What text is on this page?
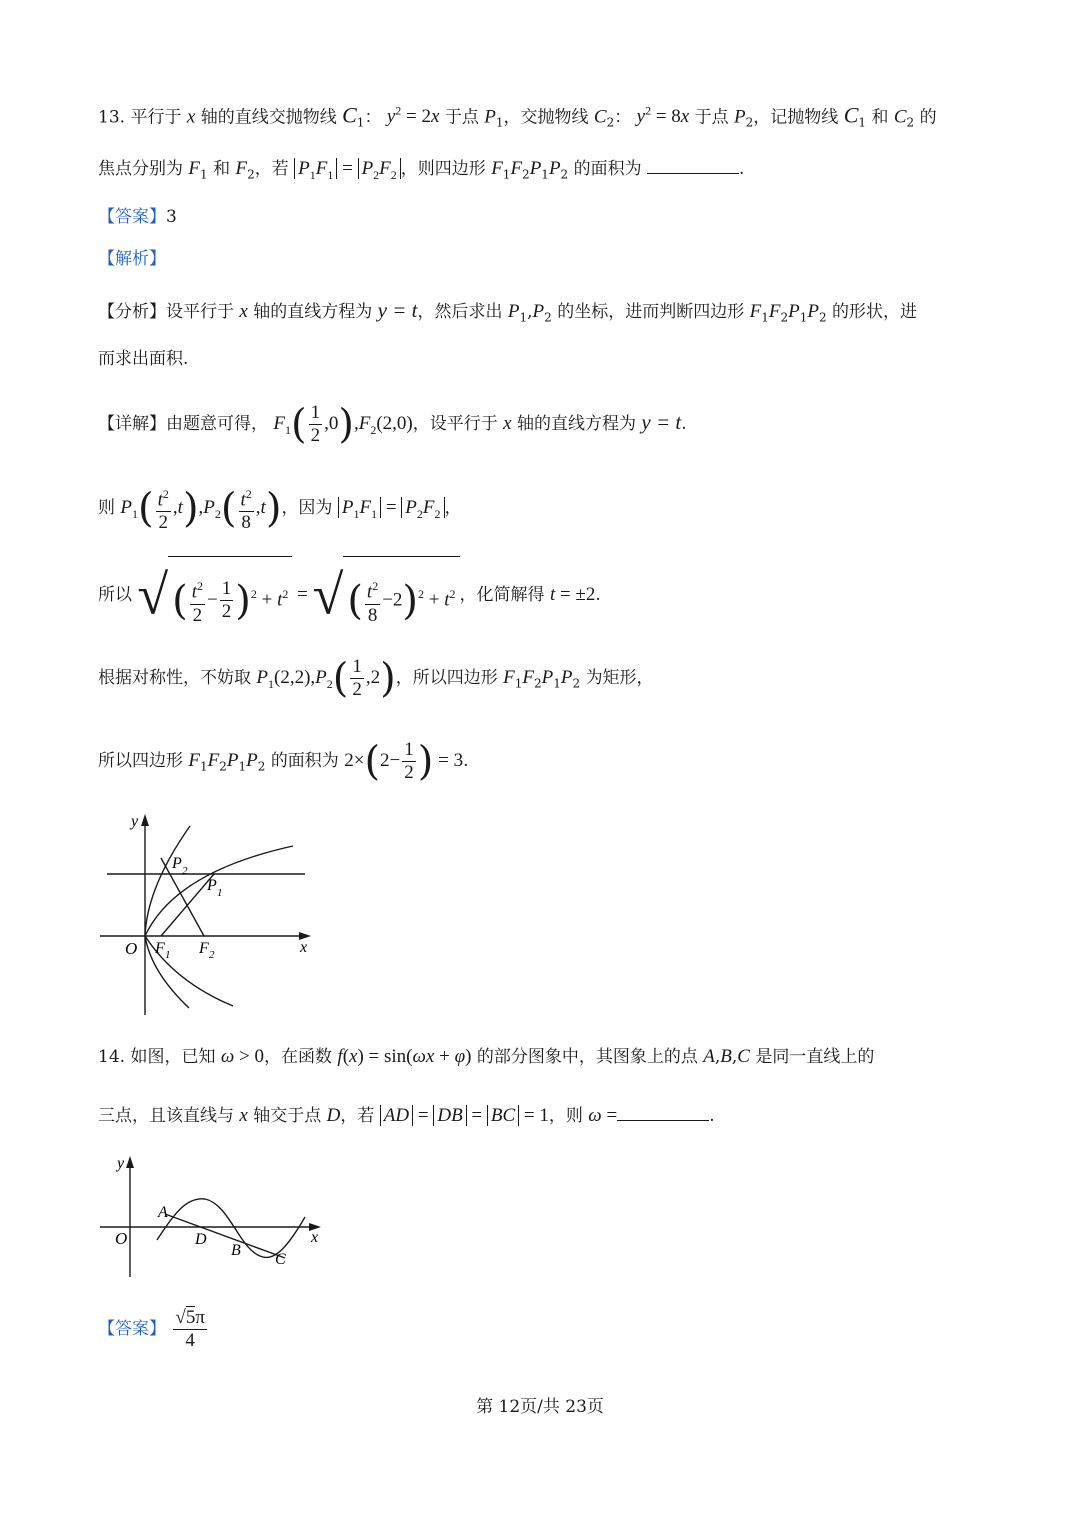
13. 平行于 x 轴的直线交抛物线 $C_1$： $y^2 = 2x$ 于点 $P_1$，交抛物线 $C_2$： $y^2 = 8x$ 于点 $P_2$，记抛物线 $C_1$ 和 $C_2$ 的
焦点分别为 $F_1$ 和 $F_2$，若 $P_1F_1 = P_2F_2$ ，则四边形 $F_1F_2P_1P_2$ 的面积为	.
【答案】3
【解析】
【分析】设平行于 x 轴的直线方程为 y = t，然后求出 $P_1,P_2$ 的坐标，进而判断四边形 $F_1F_2P_1P_2$ 的形状，进
而求出面积.
【详解】由题意可得， $F_1( \frac{1}{2} ,0),F_2(2,0)$，设平行于 x 轴的直线方程为 y = t.
则 $P_1( \frac{t^2}{2} ,t),P_2( \frac{t^2}{8} ,t)$，因为 $P_1F_1 = P_2F_2$ ，
所以 √ ( $\frac{t^2}{2} - \frac{1}{2} )^2 + t^2$ = √ ( $\frac{t^2}{8} -2)^2 + t^2$ ，化简解得 t = ±2.
根据对称性，不妨取 $P_1(2,2),P_2( \frac{1}{2} ,2)$，所以四边形 $F_1F_2P_1P_2$ 为矩形，
所以四边形 $F_1F_2P_1P_2$ 的面积为 $2\times(2- \frac{1}{2}$ ) = 3.
y
x
O
P 2
P 1
F 1 F 2
14. 如图，已知 ω > 0，在函数 f(x) = sin(ωx + φ) 的部分图象中，其图象上的点 A,B,C 是同一直线上的
三点，且该直线与 x 轴交于点 D，若 AD = DB = BC = 1，则 ω =	.
y
x
O
A
D
B
C
【答案】 $\frac{√5\pi}{4}$
第 12页/共 23页
